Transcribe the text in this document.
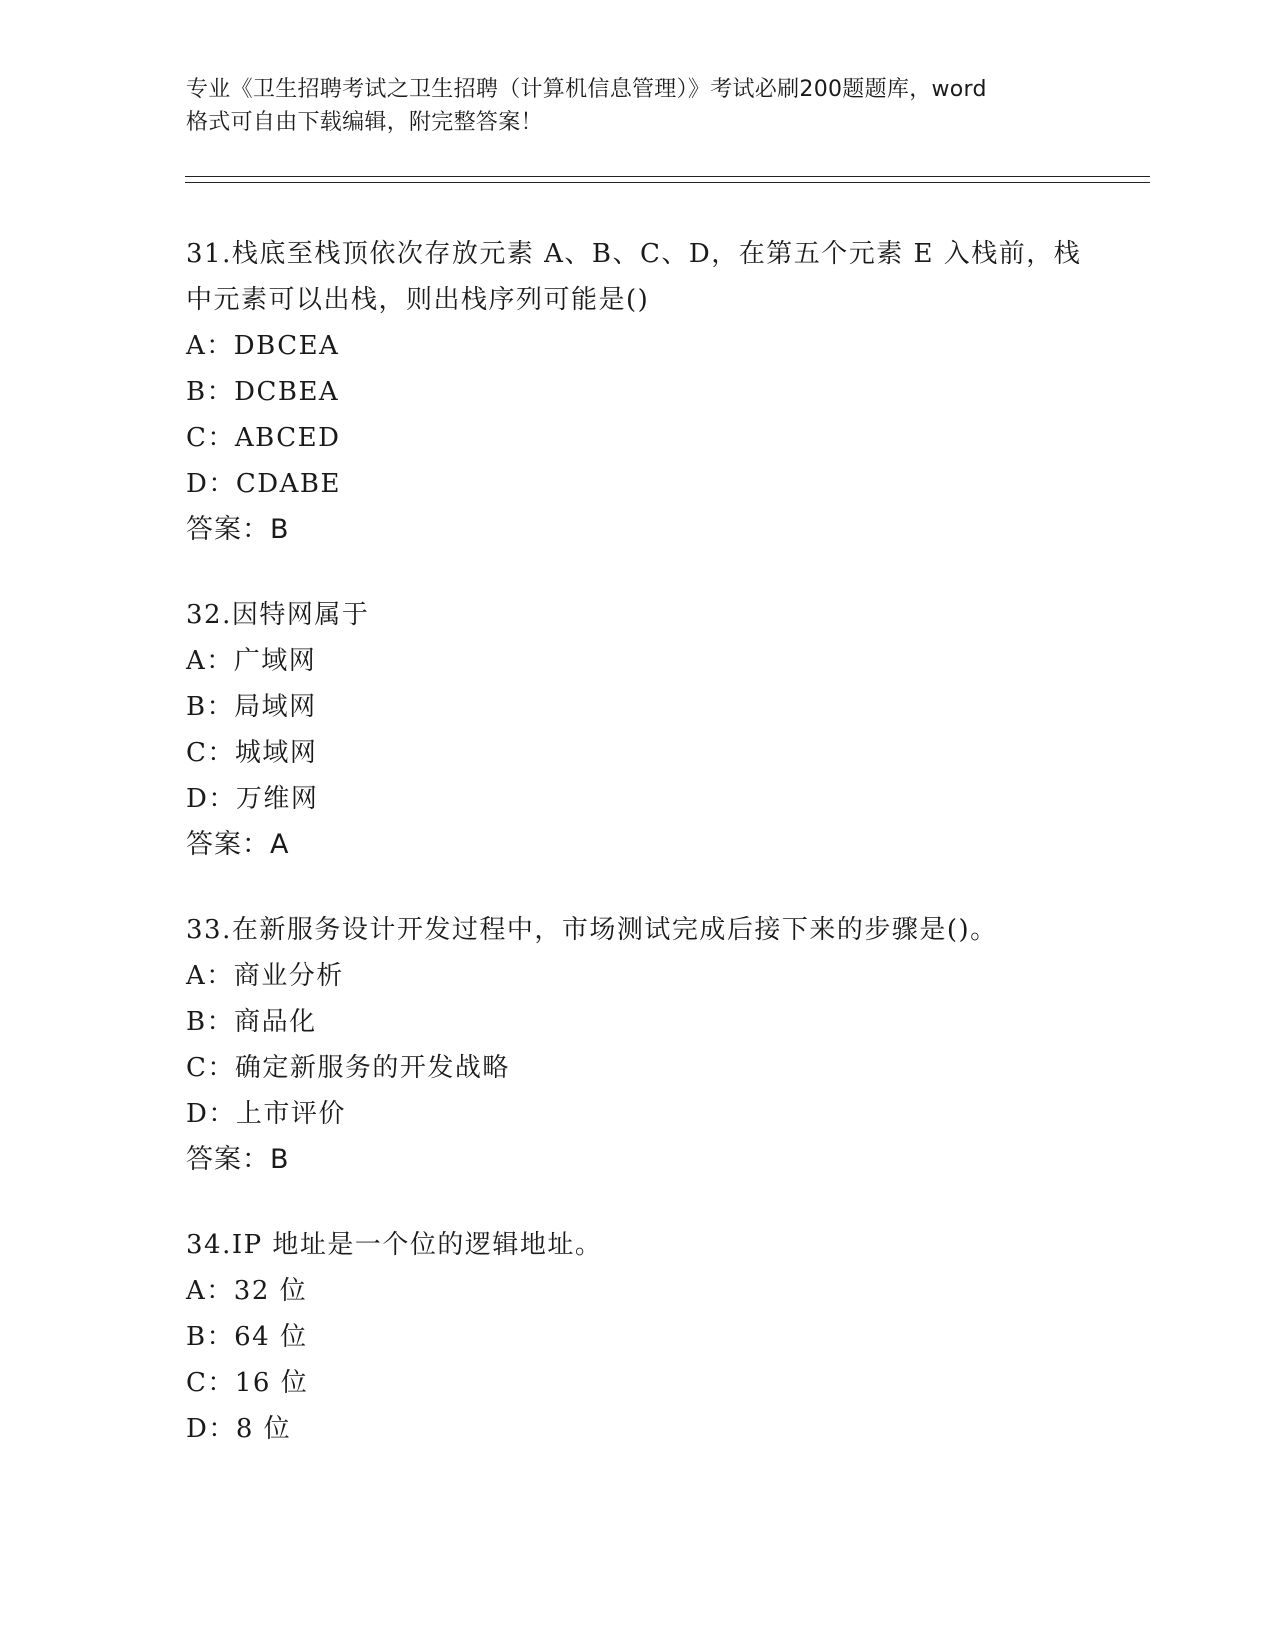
专业《卫生招聘考试之卫生招聘（计算机信息管理）》考试必刷200题题库，word
格式可自由下载编辑，附完整答案！
31.栈底至栈顶依次存放元素 A、B、C、D，在第五个元素 E 入栈前，栈
中元素可以出栈，则出栈序列可能是()
A：DBCEA
B：DCBEA
C：ABCED
D：CDABE
答案：B
32.因特网属于
A：广域网
B：局域网
C：城域网
D：万维网
答案：A
33.在新服务设计开发过程中，市场测试完成后接下来的步骤是()。
A：商业分析
B：商品化
C：确定新服务的开发战略
D：上市评价
答案：B
34.IP 地址是一个位的逻辑地址。
A：32 位
B：64 位
C：16 位
D：8 位
